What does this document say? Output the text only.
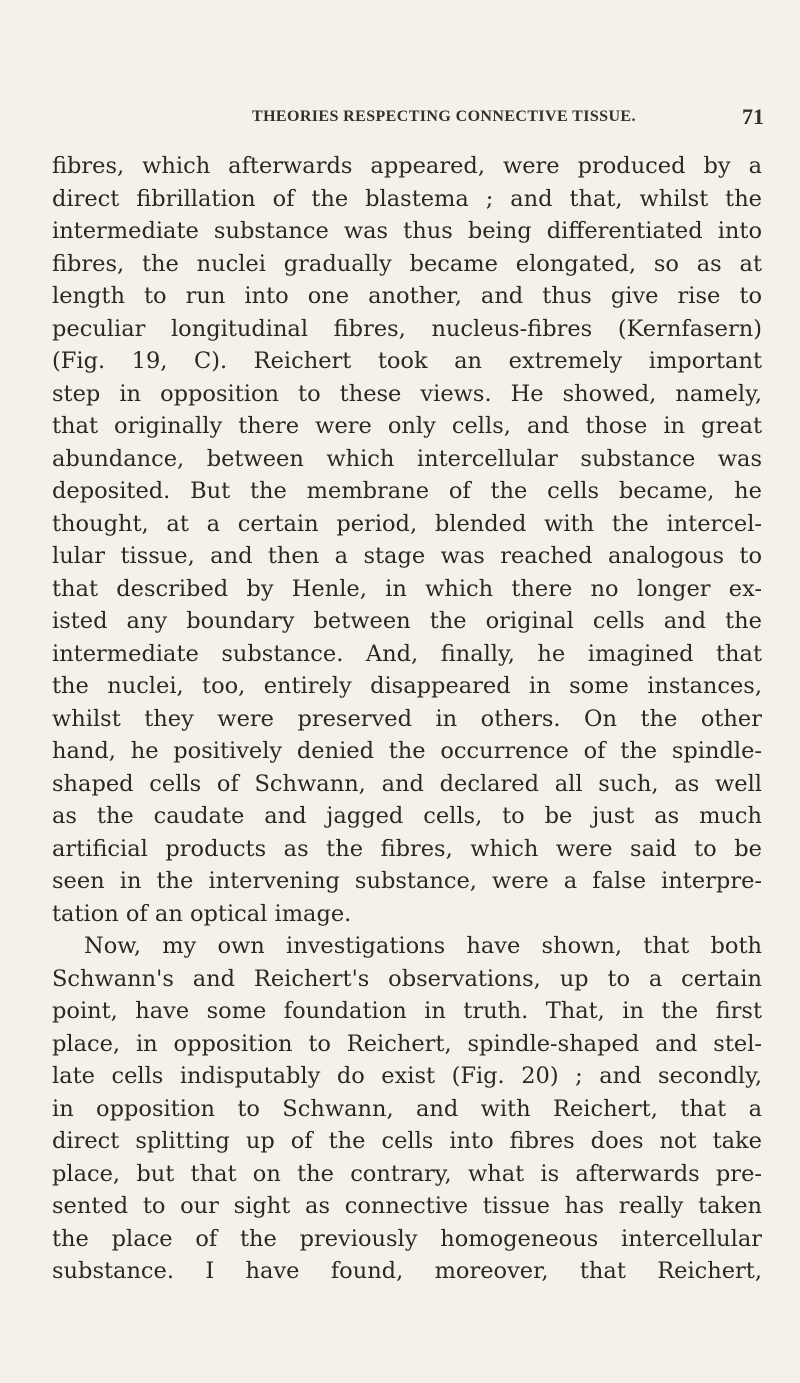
THEORIES RESPECTING CONNECTIVE TISSUE.	71
fibres, which afterwards appeared, were produced by a
direct fibrillation of the blastema ; and that, whilst the
intermediate substance was thus being differentiated into
fibres, the nuclei gradually became elongated, so as at
length to run into one another, and thus give rise to
peculiar longitudinal fibres, nucleus-fibres (Kernfasern)
(Fig. 19, C). Reichert took an extremely important
step in opposition to these views. He showed, namely,
that originally there were only cells, and those in great
abundance, between which intercellular substance was
deposited. But the membrane of the cells became, he
thought, at a certain period, blended with the intercel-
lular tissue, and then a stage was reached analogous to
that described by Henle, in which there no longer ex-
isted any boundary between the original cells and the
intermediate substance. And, finally, he imagined that
the nuclei, too, entirely disappeared in some instances,
whilst they were preserved in others. On the other
hand, he positively denied the occurrence of the spindle-
shaped cells of Schwann, and declared all such, as well
as the caudate and jagged cells, to be just as much
artificial products as the fibres, which were said to be
seen in the intervening substance, were a false interpre-
tation of an optical image.
Now, my own investigations have shown, that both
Schwann's and Reichert's observations, up to a certain
point, have some foundation in truth. That, in the first
place, in opposition to Reichert, spindle-shaped and stel-
late cells indisputably do exist (Fig. 20) ; and secondly,
in opposition to Schwann, and with Reichert, that a
direct splitting up of the cells into fibres does not take
place, but that on the contrary, what is afterwards pre-
sented to our sight as connective tissue has really taken
the place of the previously homogeneous intercellular
substance. I have found, moreover, that Reichert,
